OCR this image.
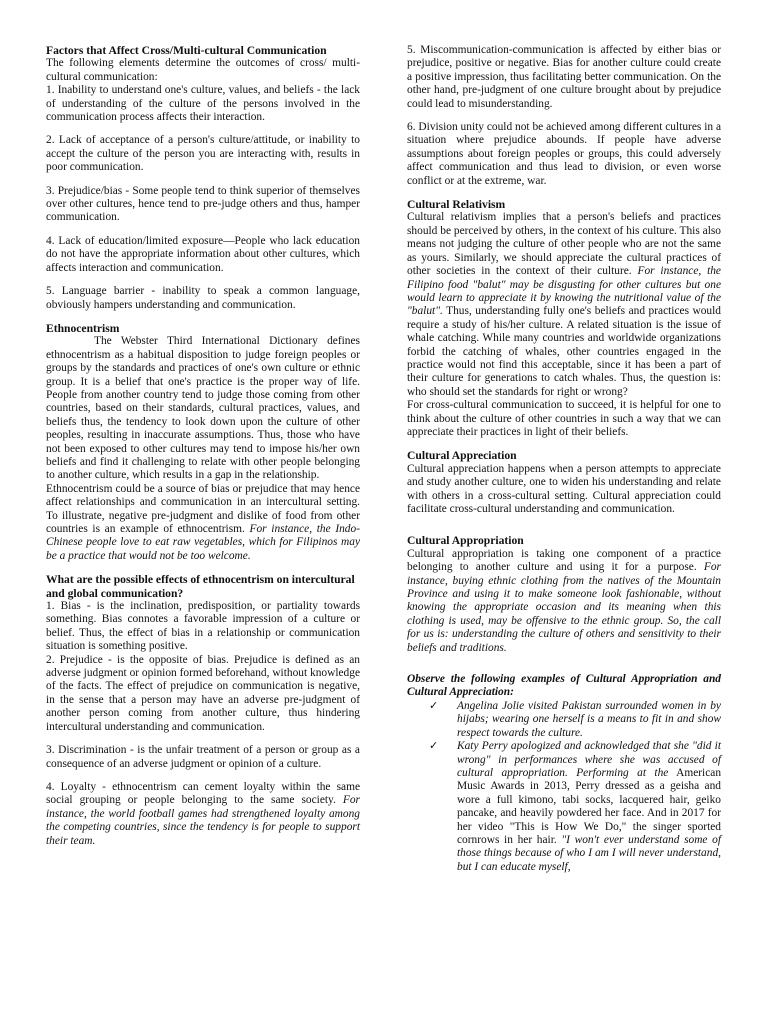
Factors that Affect Cross/Multi-cultural Communication

The following elements determine the outcomes of cross/ multi-cultural communication:

1. Inability to understand one's culture, values, and beliefs - the lack of understanding of the culture of the persons involved in the communication process affects their interaction.

2. Lack of acceptance of a person's culture/attitude, or inability to accept the culture of the person you are interacting with, results in poor communication.

3. Prejudice/bias - Some people tend to think superior of themselves over other cultures, hence tend to pre-judge others and thus, hamper communication.

4. Lack of education/limited exposure—People who lack education do not have the appropriate information about other cultures, which affects interaction and communication.

5. Language barrier - inability to speak a common language, obviously hampers understanding and communication.

Ethnocentrism

The Webster Third International Dictionary defines ethnocentrism as a habitual disposition to judge foreign peoples or groups by the standards and practices of one's own culture or ethnic group. It is a belief that one's practice is the proper way of life. People from another country tend to judge those coming from other countries, based on their standards, cultural practices, values, and beliefs thus, the tendency to look down upon the culture of other peoples, resulting in inaccurate assumptions. Thus, those who have not been exposed to other cultures may tend to impose his/her own beliefs and find it challenging to relate with other people belonging to another culture, which results in a gap in the relationship.

Ethnocentrism could be a source of bias or prejudice that may hence affect relationships and communication in an intercultural setting. To illustrate, negative pre-judgment and dislike of food from other countries is an example of ethnocentrism. For instance, the Indo-Chinese people love to eat raw vegetables, which for Filipinos may be a practice that would not be too welcome.

What are the possible effects of ethnocentrism on intercultural and global communication?

1. Bias - is the inclination, predisposition, or partiality towards something. Bias connotes a favorable impression of a culture or belief. Thus, the effect of bias in a relationship or communication situation is something positive.

2. Prejudice - is the opposite of bias. Prejudice is defined as an adverse judgment or opinion formed beforehand, without knowledge of the facts. The effect of prejudice on communication is negative, in the sense that a person may have an adverse pre-judgment of another person coming from another culture, thus hindering intercultural understanding and communication.

3. Discrimination - is the unfair treatment of a person or group as a consequence of an adverse judgment or opinion of a culture.

4. Loyalty - ethnocentrism can cement loyalty within the same social grouping or people belonging to the same society. For instance, the world football games had strengthened loyalty among the competing countries, since the tendency is for people to support their team.

5. Miscommunication-communication is affected by either bias or prejudice, positive or negative. Bias for another culture could create a positive impression, thus facilitating better communication. On the other hand, pre-judgment of one culture brought about by prejudice could lead to misunderstanding.

6. Division unity could not be achieved among different cultures in a situation where prejudice abounds. If people have adverse assumptions about foreign peoples or groups, this could adversely affect communication and thus lead to division, or even worse conflict or at the extreme, war.

Cultural Relativism

Cultural relativism implies that a person's beliefs and practices should be perceived by others, in the context of his culture. This also means not judging the culture of other people who are not the same as yours. Similarly, we should appreciate the cultural practices of other societies in the context of their culture. For instance, the Filipino food "balut" may be disgusting for other cultures but one would learn to appreciate it by knowing the nutritional value of the "balut". Thus, understanding fully one's beliefs and practices would require a study of his/her culture. A related situation is the issue of whale catching. While many countries and worldwide organizations forbid the catching of whales, other countries engaged in the practice would not find this acceptable, since it has been a part of their culture for generations to catch whales. Thus, the question is: who should set the standards for right or wrong?

For cross-cultural communication to succeed, it is helpful for one to think about the culture of other countries in such a way that we can appreciate their practices in light of their beliefs.

Cultural Appreciation

Cultural appreciation happens when a person attempts to appreciate and study another culture, one to widen his understanding and relate with others in a cross-cultural setting. Cultural appreciation could facilitate cross-cultural understanding and communication.

Cultural Appropriation

Cultural appropriation is taking one component of a practice belonging to another culture and using it for a purpose. For instance, buying ethnic clothing from the natives of the Mountain Province and using it to make someone look fashionable, without knowing the appropriate occasion and its meaning when this clothing is used, may be offensive to the ethnic group. So, the call for us is: understanding the culture of others and sensitivity to their beliefs and traditions.

Observe the following examples of Cultural Appropriation and Cultural Appreciation:

✓ Angelina Jolie visited Pakistan surrounded women in by hijabs; wearing one herself is a means to fit in and show respect towards the culture.
✓ Katy Perry apologized and acknowledged that she "did it wrong" in performances where she was accused of cultural appropriation. Performing at the American Music Awards in 2013, Perry dressed as a geisha and wore a full kimono, tabi socks, lacquered hair, geiko pancake, and heavily powdered her face. And in 2017 for her video "This is How We Do," the singer sported cornrows in her hair. "I won't ever understand some of those things because of who I am I will never understand, but I can educate myself,
